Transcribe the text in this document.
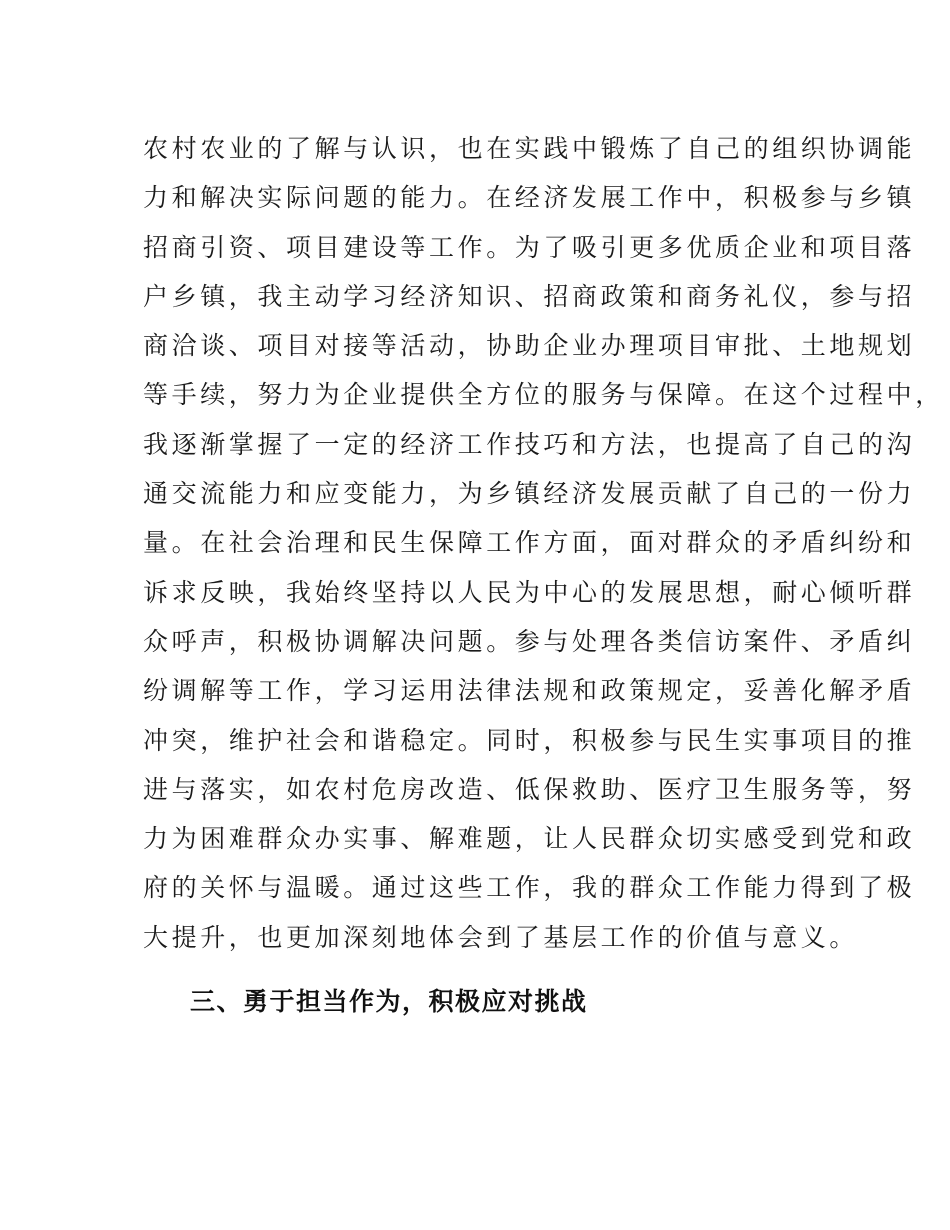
农村农业的了解与认识，也在实践中锻炼了自己的组织协调能
力和解决实际问题的能力。在经济发展工作中，积极参与乡镇
招商引资、项目建设等工作。为了吸引更多优质企业和项目落
户乡镇，我主动学习经济知识、招商政策和商务礼仪，参与招
商洽谈、项目对接等活动，协助企业办理项目审批、土地规划
等手续，努力为企业提供全方位的服务与保障。在这个过程中，
我逐渐掌握了一定的经济工作技巧和方法，也提高了自己的沟
通交流能力和应变能力，为乡镇经济发展贡献了自己的一份力
量。在社会治理和民生保障工作方面，面对群众的矛盾纠纷和
诉求反映，我始终坚持以人民为中心的发展思想，耐心倾听群
众呼声，积极协调解决问题。参与处理各类信访案件、矛盾纠
纷调解等工作，学习运用法律法规和政策规定，妥善化解矛盾
冲突，维护社会和谐稳定。同时，积极参与民生实事项目的推
进与落实，如农村危房改造、低保救助、医疗卫生服务等，努
力为困难群众办实事、解难题，让人民群众切实感受到党和政
府的关怀与温暖。通过这些工作，我的群众工作能力得到了极
大提升，也更加深刻地体会到了基层工作的价值与意义。
三、勇于担当作为，积极应对挑战
